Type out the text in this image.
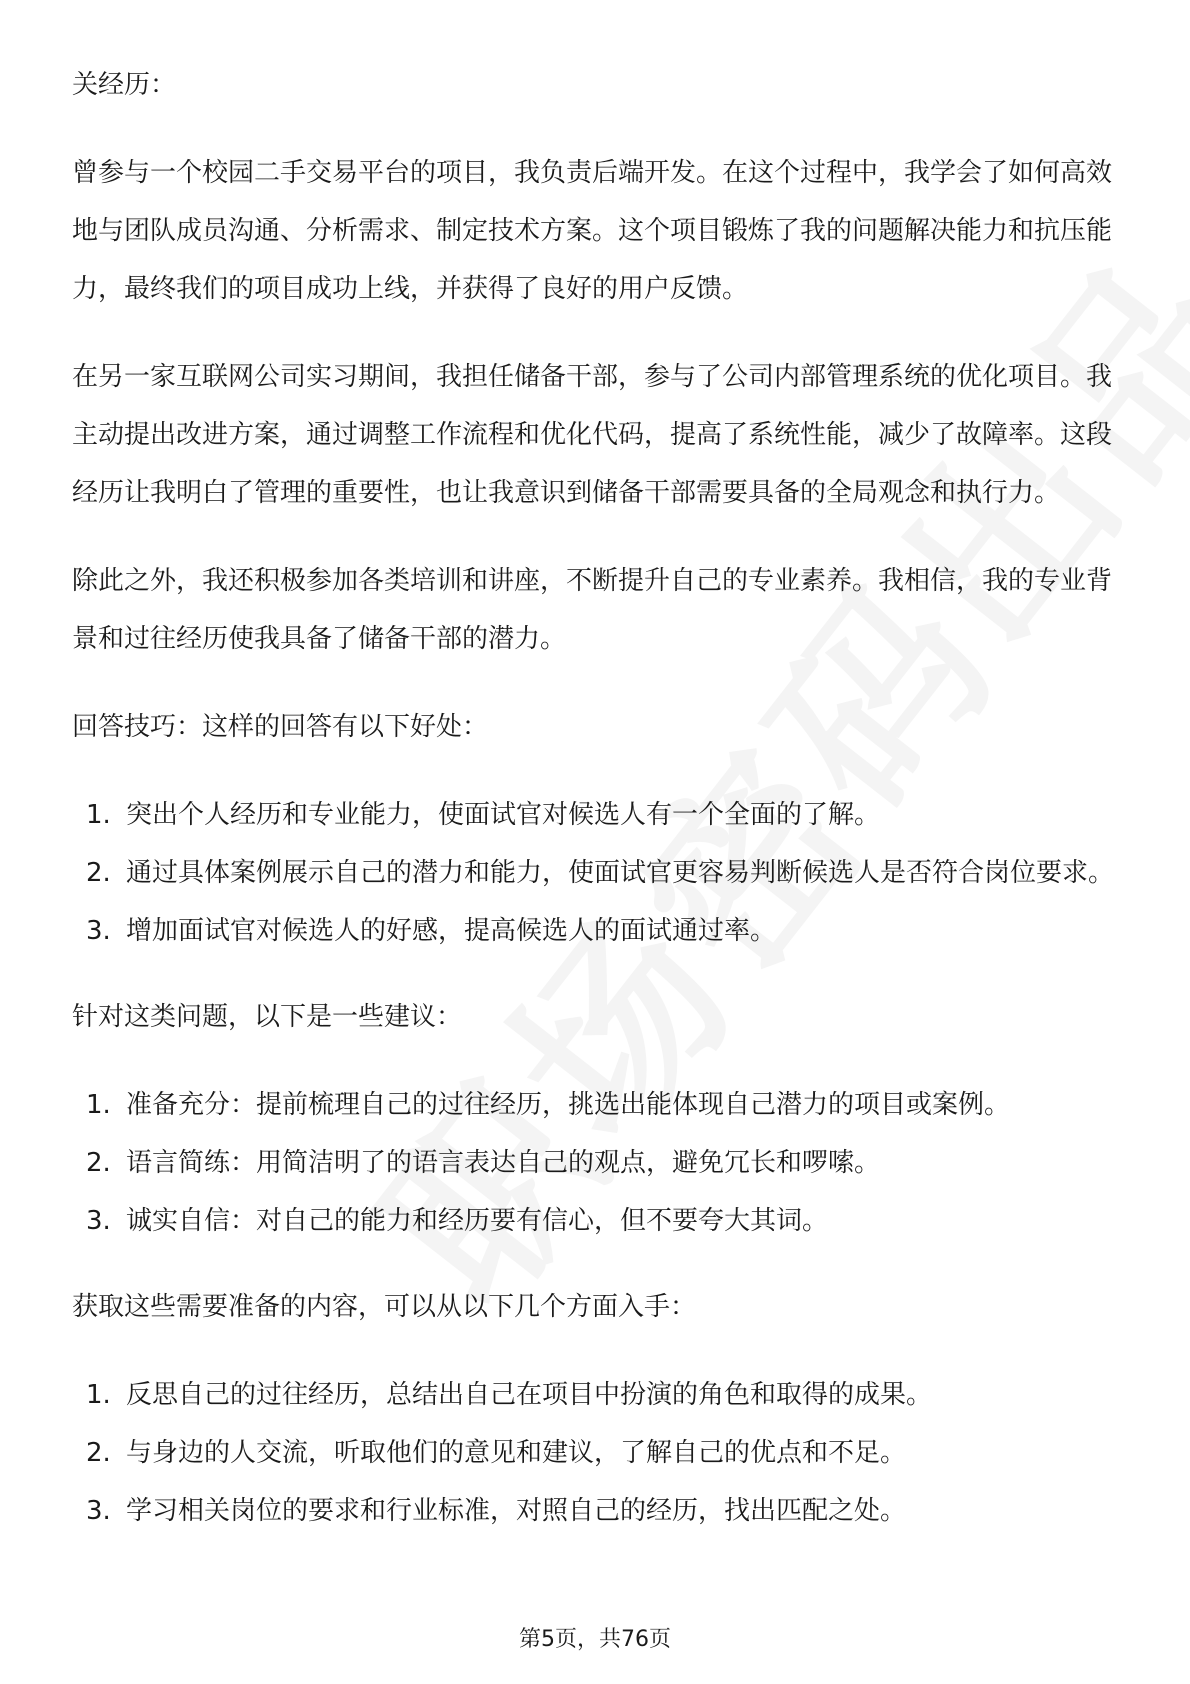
关经历：

曾参与一个校园二手交易平台的项目，我负责后端开发。在这个过程中，我学会了如何高效地与团队成员沟通、分析需求、制定技术方案。这个项目锻炼了我的问题解决能力和抗压能力，最终我们的项目成功上线，并获得了良好的用户反馈。

在另一家互联网公司实习期间，我担任储备干部，参与了公司内部管理系统的优化项目。我主动提出改进方案，通过调整工作流程和优化代码，提高了系统性能，减少了故障率。这段经历让我明白了管理的重要性，也让我意识到储备干部需要具备的全局观念和执行力。

除此之外，我还积极参加各类培训和讲座，不断提升自己的专业素养。我相信，我的专业背景和过往经历使我具备了储备干部的潜力。

回答技巧：这样的回答有以下好处：

1. 突出个人经历和专业能力，使面试官对候选人有一个全面的了解。
2. 通过具体案例展示自己的潜力和能力，使面试官更容易判断候选人是否符合岗位要求。
3. 增加面试官对候选人的好感，提高候选人的面试通过率。

针对这类问题，以下是一些建议：

1. 准备充分：提前梳理自己的过往经历，挑选出能体现自己潜力的项目或案例。
2. 语言简练：用简洁明了的语言表达自己的观点，避免冗长和啰嗦。
3. 诚实自信：对自己的能力和经历要有信心，但不要夸大其词。

获取这些需要准备的内容，可以从以下几个方面入手：

1. 反思自己的过往经历，总结出自己在项目中扮演的角色和取得的成果。
2. 与身边的人交流，听取他们的意见和建议，了解自己的优点和不足。
3. 学习相关岗位的要求和行业标准，对照自己的经历，找出匹配之处。
第5页，共76页
